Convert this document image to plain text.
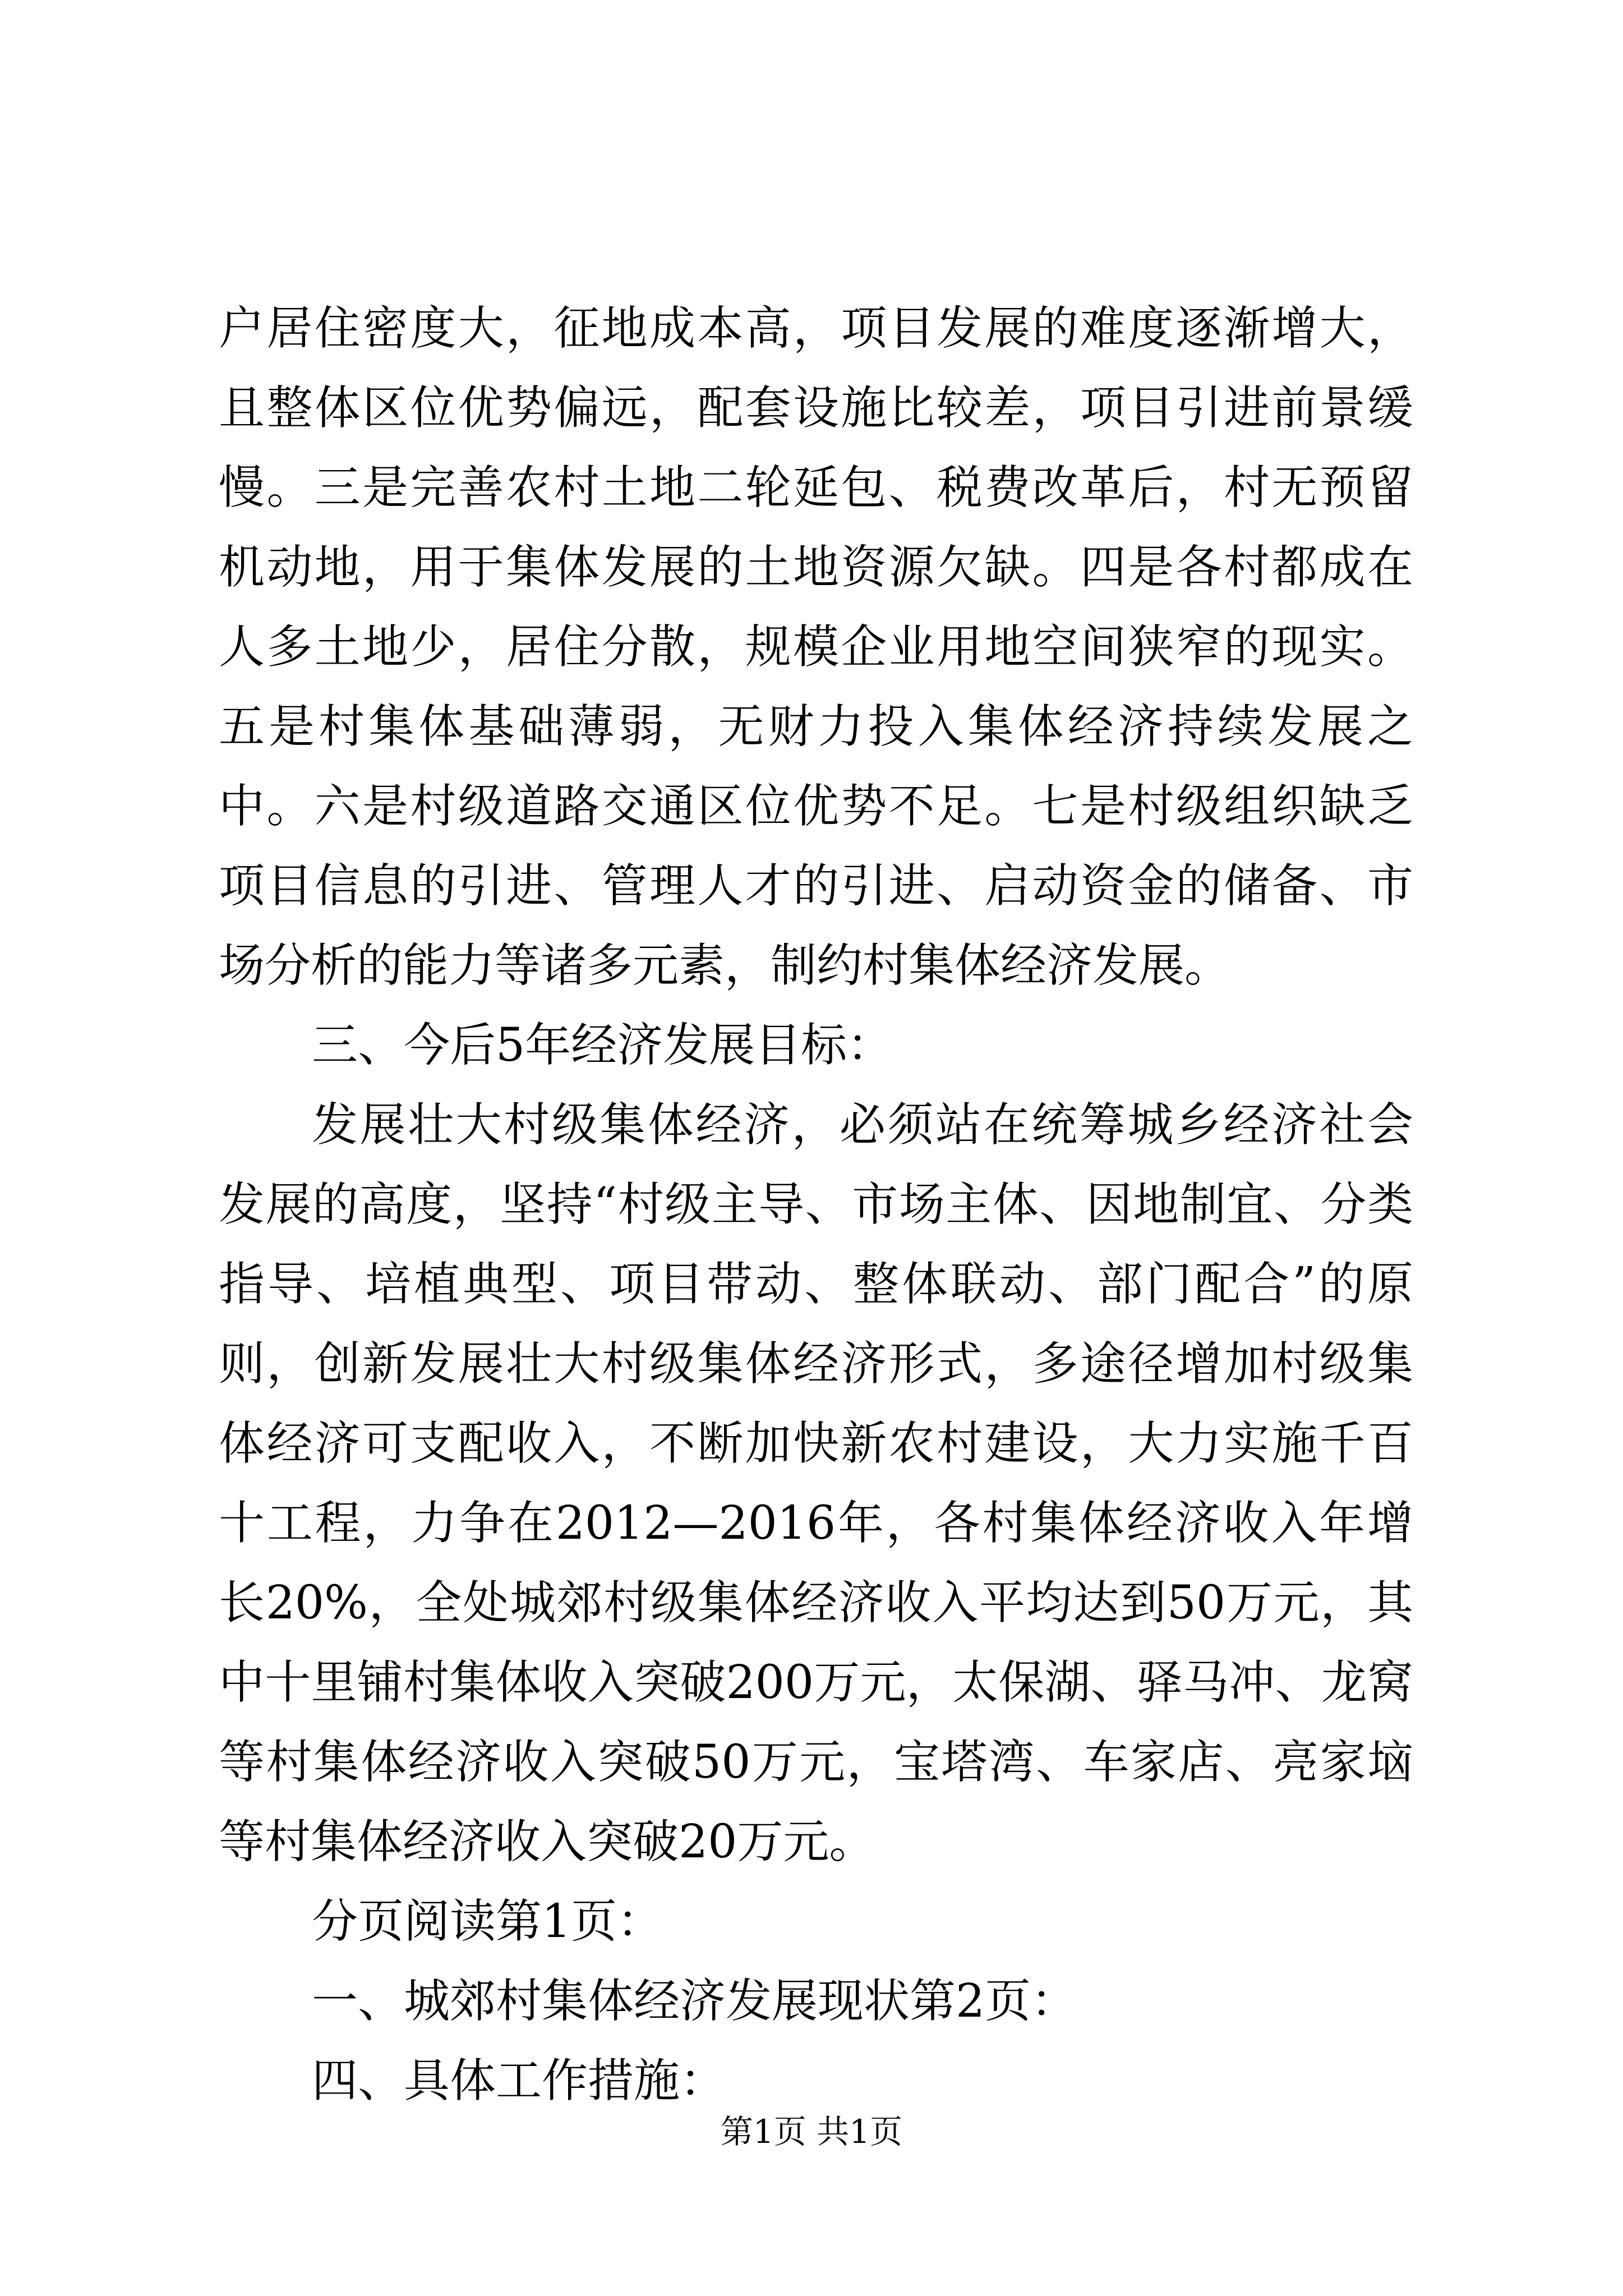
户居住密度大，征地成本高，项目发展的难度逐渐增大，且整体区位优势偏远，配套设施比较差，项目引进前景缓慢。三是完善农村土地二轮延包、税费改革后，村无预留机动地，用于集体发展的土地资源欠缺。四是各村都成在人多土地少，居住分散，规模企业用地空间狭窄的现实。五是村集体基础薄弱，无财力投入集体经济持续发展之中。六是村级道路交通区位优势不足。七是村级组织缺乏项目信息的引进、管理人才的引进、启动资金的储备、市场分析的能力等诸多元素，制约村集体经济发展。

三、今后5年经济发展目标：

发展壮大村级集体经济，必须站在统筹城乡经济社会发展的高度，坚持“村级主导、市场主体、因地制宜、分类指导、培植典型、项目带动、整体联动、部门配合”的原则，创新发展壮大村级集体经济形式，多途径增加村级集体经济可支配收入，不断加快新农村建设，大力实施千百十工程，力争在2012—2016年，各村集体经济收入年增长20%，全处城郊村级集体经济收入平均达到50万元，其中十里铺村集体收入突破200万元，太保湖、驿马冲、龙窝等村集体经济收入突破50万元，宝塔湾、车家店、亮家垴等村集体经济收入突破20万元。

分页阅读第1页：

一、城郊村集体经济发展现状第2页：

四、具体工作措施：

第1页 共1页
